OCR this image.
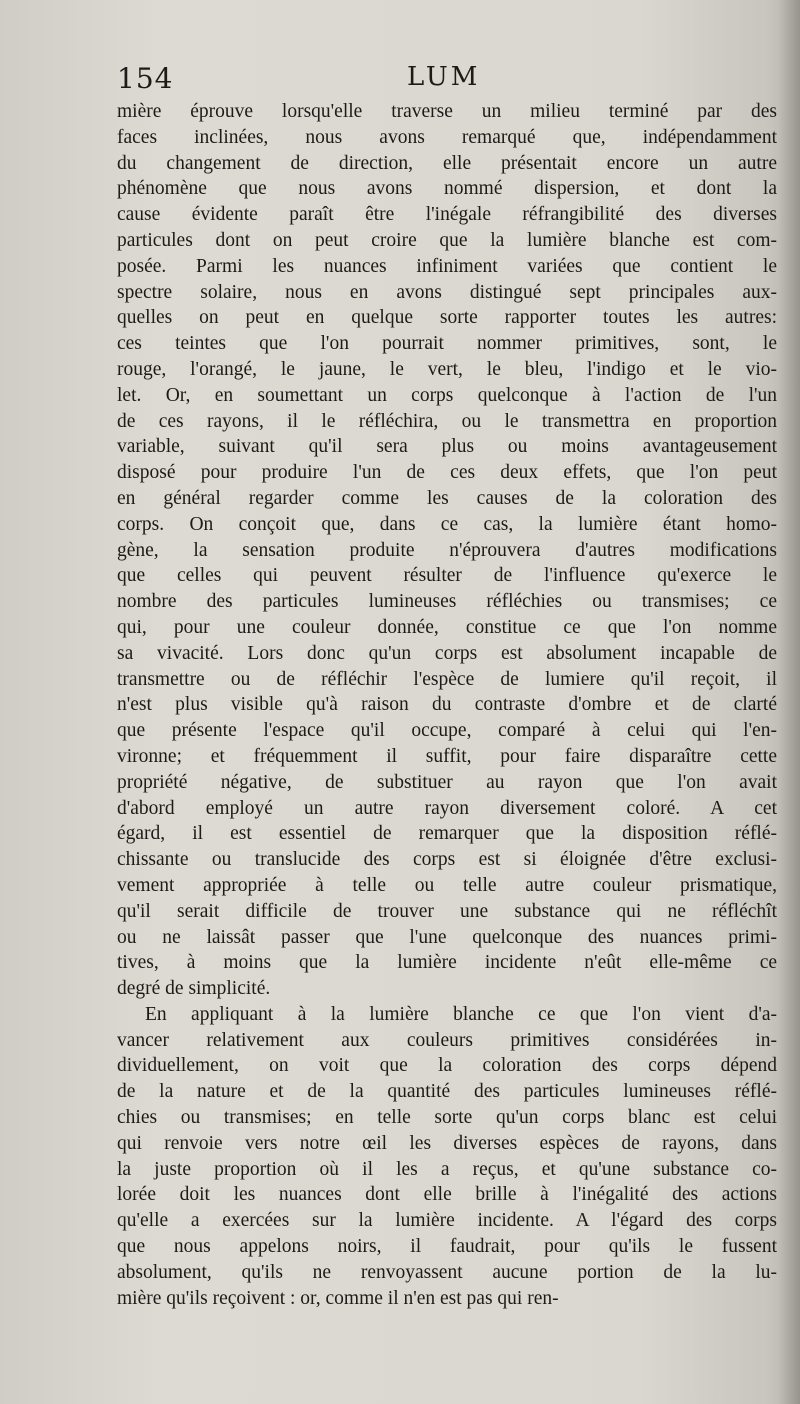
154	LUM
mière éprouve lorsqu'elle traverse un milieu terminé par des
faces inclinées, nous avons remarqué que, indépendamment
du changement de direction, elle présentait encore un autre
phénomène que nous avons nommé dispersion, et dont la
cause évidente paraît être l'inégale réfrangibilité des diverses
particules dont on peut croire que la lumière blanche est com-
posée. Parmi les nuances infiniment variées que contient le
spectre solaire, nous en avons distingué sept principales aux-
quelles on peut en quelque sorte rapporter toutes les autres:
ces teintes que l'on pourrait nommer primitives, sont, le
rouge, l'orangé, le jaune, le vert, le bleu, l'indigo et le vio-
let. Or, en soumettant un corps quelconque à l'action de l'un
de ces rayons, il le réfléchira, ou le transmettra en proportion
variable, suivant qu'il sera plus ou moins avantageusement
disposé pour produire l'un de ces deux effets, que l'on peut
en général regarder comme les causes de la coloration des
corps. On conçoit que, dans ce cas, la lumière étant homo-
gène, la sensation produite n'éprouvera d'autres modifications
que celles qui peuvent résulter de l'influence qu'exerce le
nombre des particules lumineuses réfléchies ou transmises; ce
qui, pour une couleur donnée, constitue ce que l'on nomme
sa vivacité. Lors donc qu'un corps est absolument incapable de
transmettre ou de réfléchir l'espèce de lumiere qu'il reçoit, il
n'est plus visible qu'à raison du contraste d'ombre et de clarté
que présente l'espace qu'il occupe, comparé à celui qui l'en-
vironne; et fréquemment il suffit, pour faire disparaître cette
propriété négative, de substituer au rayon que l'on avait
d'abord employé un autre rayon diversement coloré. A cet
égard, il est essentiel de remarquer que la disposition réflé-
chissante ou translucide des corps est si éloignée d'être exclusi-
vement appropriée à telle ou telle autre couleur prismatique,
qu'il serait difficile de trouver une substance qui ne réfléchît
ou ne laissât passer que l'une quelconque des nuances primi-
tives, à moins que la lumière incidente n'eût elle-même ce
degré de simplicité.
En appliquant à la lumière blanche ce que l'on vient d'a-
vancer relativement aux couleurs primitives considérées in-
dividuellement, on voit que la coloration des corps dépend
de la nature et de la quantité des particules lumineuses réflé-
chies ou transmises; en telle sorte qu'un corps blanc est celui
qui renvoie vers notre œil les diverses espèces de rayons, dans
la juste proportion où il les a reçus, et qu'une substance co-
lorée doit les nuances dont elle brille à l'inégalité des actions
qu'elle a exercées sur la lumière incidente. A l'égard des corps
que nous appelons noirs, il faudrait, pour qu'ils le fussent
absolument, qu'ils ne renvoyassent aucune portion de la lu-
mière qu'ils reçoivent : or, comme il n'en est pas qui ren-
